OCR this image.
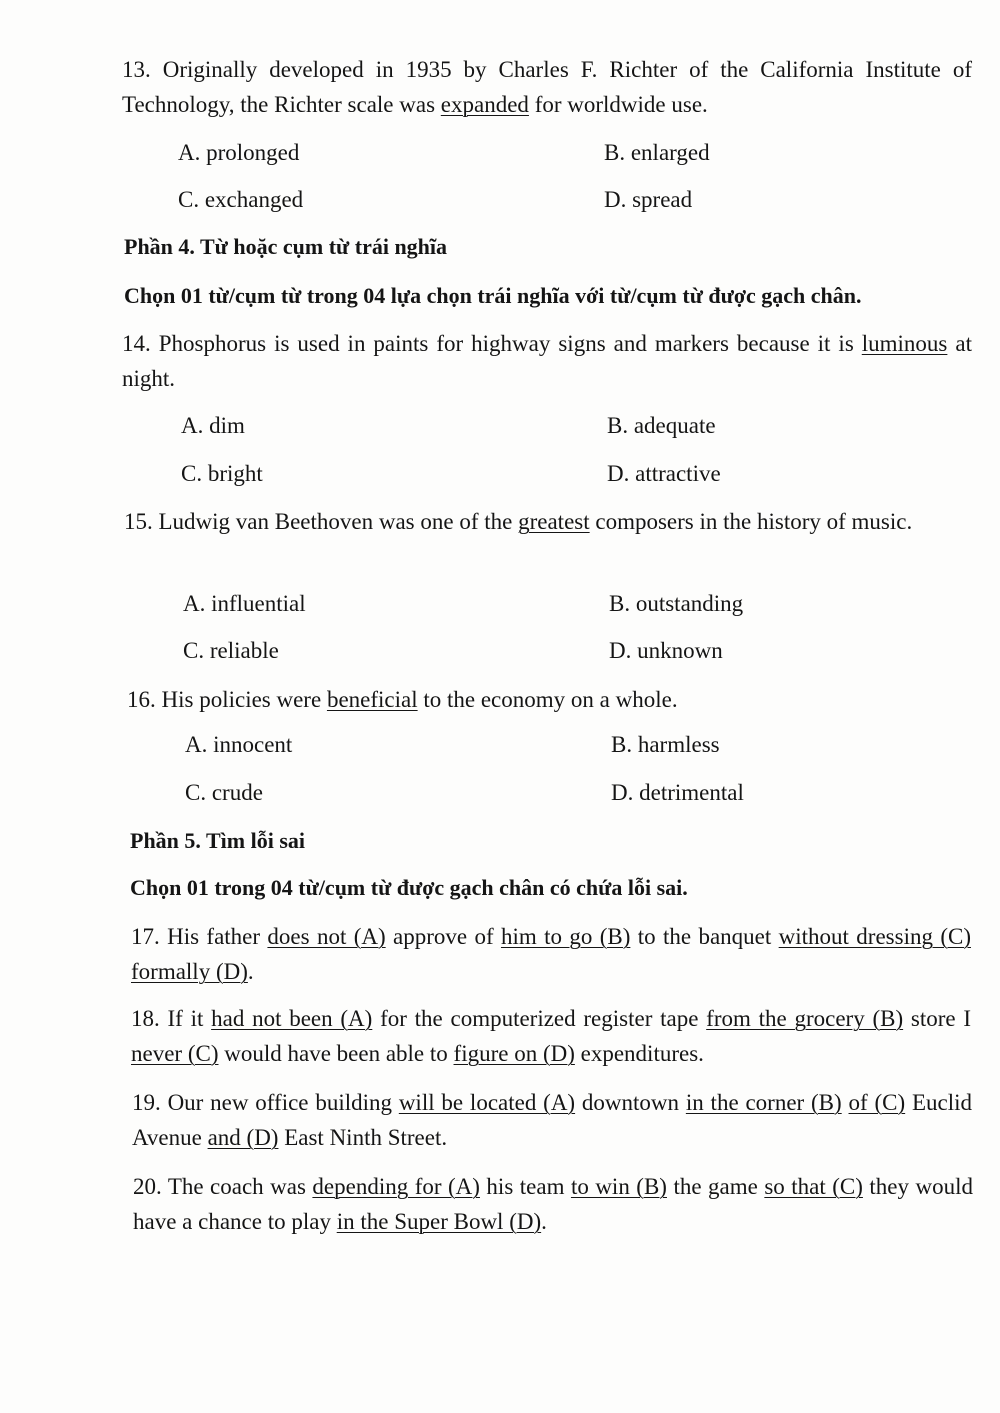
13. Originally developed in 1935 by Charles F. Richter of the California Institute of Technology, the Richter scale was expanded for worldwide use.
A. prolonged	B. enlarged
C. exchanged	D. spread
Phần 4. Từ hoặc cụm từ trái nghĩa
Chọn 01 từ/cụm từ trong 04 lựa chọn trái nghĩa với từ/cụm từ được gạch chân.
14. Phosphorus is used in paints for highway signs and markers because it is luminous at night.
A. dim	B. adequate
C. bright	D. attractive
15. Ludwig van Beethoven was one of the greatest composers in the history of music.
A. influential	B. outstanding
C. reliable	D. unknown
16. His policies were beneficial to the economy on a whole.
A. innocent	B. harmless
C. crude	D. detrimental
Phần 5. Tìm lỗi sai
Chọn 01 trong 04 từ/cụm từ được gạch chân có chứa lỗi sai.
17. His father does not (A) approve of him to go (B) to the banquet without dressing (C) formally (D).
18. If it had not been (A) for the computerized register tape from the grocery (B) store I never (C) would have been able to figure on (D) expenditures.
19. Our new office building will be located (A) downtown in the corner (B) of (C) Euclid Avenue and (D) East Ninth Street.
20. The coach was depending for (A) his team to win (B) the game so that (C) they would have a chance to play in the Super Bowl (D).
